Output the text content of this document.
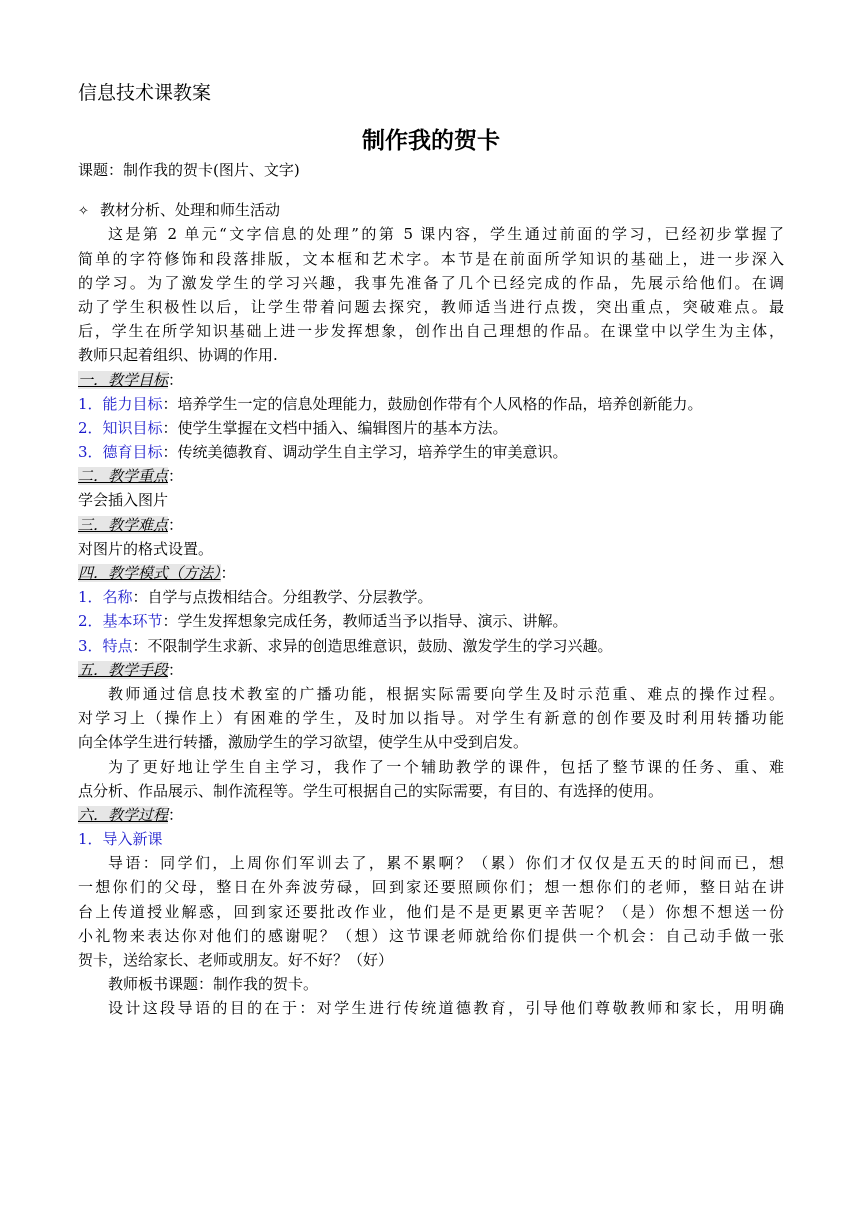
信息技术课教案
制作我的贺卡
课题：制作我的贺卡(图片、文字)
✧ 教材分析、处理和师生活动
这是第 2 单元“文字信息的处理”的第 5 课内容，学生通过前面的学习，已经初步掌握了
简单的字符修饰和段落排版，文本框和艺术字。本节是在前面所学知识的基础上，进一步深入
的学习。为了激发学生的学习兴趣，我事先准备了几个已经完成的作品，先展示给他们。在调
动了学生积极性以后，让学生带着问题去探究，教师适当进行点拨，突出重点，突破难点。最
后，学生在所学知识基础上进一步发挥想象，创作出自己理想的作品。在课堂中以学生为主体，
教师只起着组织、协调的作用.
一．教学目标：
1．能力目标：培养学生一定的信息处理能力，鼓励创作带有个人风格的作品，培养创新能力。
2．知识目标：使学生掌握在文档中插入、编辑图片的基本方法。
3．德育目标：传统美德教育、调动学生自主学习，培养学生的审美意识。
二．教学重点：
学会插入图片
三．教学难点：
对图片的格式设置。
四．教学模式（方法）：
1．名称：自学与点拨相结合。分组教学、分层教学。
2．基本环节：学生发挥想象完成任务，教师适当予以指导、演示、讲解。
3．特点：不限制学生求新、求异的创造思维意识，鼓励、激发学生的学习兴趣。
五．教学手段：
教师通过信息技术教室的广播功能，根据实际需要向学生及时示范重、难点的操作过程。
对学习上（操作上）有困难的学生，及时加以指导。对学生有新意的创作要及时利用转播功能
向全体学生进行转播，激励学生的学习欲望，使学生从中受到启发。
为了更好地让学生自主学习，我作了一个辅助教学的课件，包括了整节课的任务、重、难
点分析、作品展示、制作流程等。学生可根据自己的实际需要，有目的、有选择的使用。
六．教学过程：
1．导入新课
导语：同学们，上周你们军训去了，累不累啊？（累）你们才仅仅是五天的时间而已，想
一想你们的父母，整日在外奔波劳碌，回到家还要照顾你们；想一想你们的老师，整日站在讲
台上传道授业解惑，回到家还要批改作业，他们是不是更累更辛苦呢？（是）你想不想送一份
小礼物来表达你对他们的感谢呢？（想）这节课老师就给你们提供一个机会：自己动手做一张
贺卡，送给家长、老师或朋友。好不好？（好）
教师板书课题：制作我的贺卡。
设计这段导语的目的在于：对学生进行传统道德教育，引导他们尊敬教师和家长，用明确
